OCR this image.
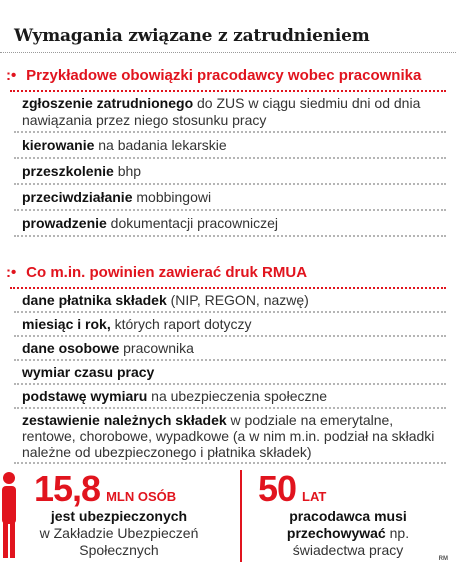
Wymagania związane z zatrudnieniem
:• Przykładowe obowiązki pracodawcy wobec pracownika
zgłoszenie zatrudnionego do ZUS w ciągu siedmiu dni od dnia nawiązania przez niego stosunku pracy
kierowanie na badania lekarskie
przeszkolenie bhp
przeciwdziałanie mobbingowi
prowadzenie dokumentacji pracowniczej
:• Co m.in. powinien zawierać druk RMUA
dane płatnika składek (NIP, REGON, nazwę)
miesiąc i rok, których raport dotyczy
dane osobowe pracownika
wymiar czasu pracy
podstawę wymiaru na ubezpieczenia społeczne
zestawienie należnych składek w podziale na emerytalne, rentowe, chorobowe, wypadkowe (a w nim m.in. podział na składki należne od ubezpieczonego i płatnika składek)
15,8 MLN OSÓB
jest ubezpieczonych
w Zakładzie Ubezpieczeń Społecznych
50 LAT
pracodawca musi przechowywać np. świadectwa pracy
RM
